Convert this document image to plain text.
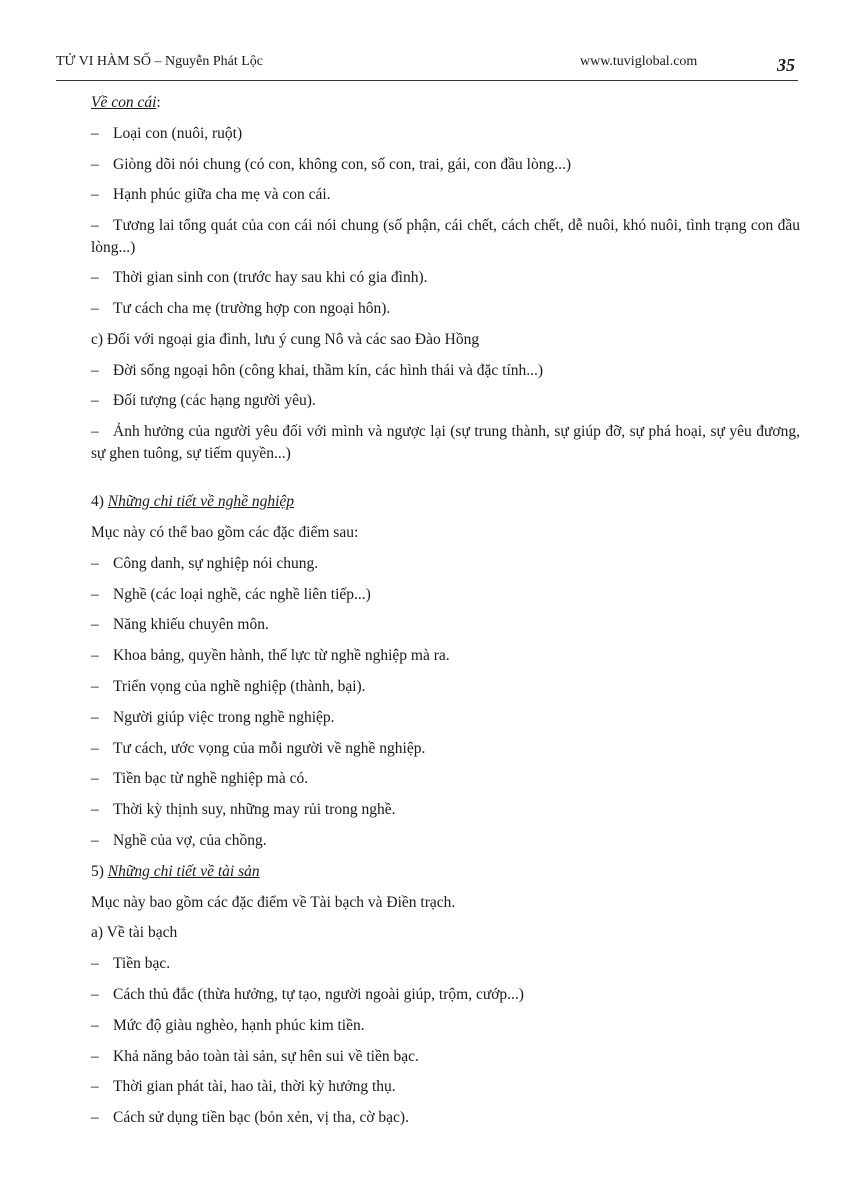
TỬ VI HÀM SỐ – Nguyễn Phát Lộc	www.tuviglobal.com	35
Về con cái:
– Loại con (nuôi, ruột)
– Giòng dõi nói chung (có con, không con, số con, trai, gái, con đầu lòng...)
– Hạnh phúc giữa cha mẹ và con cái.
– Tương lai tổng quát của con cái nói chung (số phận, cái chết, cách chết, dễ nuôi, khó nuôi, tình trạng con đầu lòng...)
– Thời gian sinh con (trước hay sau khi có gia đình).
– Tư cách cha mẹ (trường hợp con ngoại hôn).
c) Đối với ngoại gia đình, lưu ý cung Nô và các sao Đào Hồng
– Đời sống ngoại hôn (công khai, thầm kín, các hình thái và đặc tính...)
– Đối tượng (các hạng người yêu).
– Ảnh hưởng của người yêu đối với mình và ngược lại (sự trung thành, sự giúp đỡ, sự phá hoại, sự yêu đương, sự ghen tuông, sự tiếm quyền...)
4) Những chi tiết về nghề nghiệp
Mục này có thể bao gồm các đặc điểm sau:
– Công danh, sự nghiệp nói chung.
– Nghề (các loại nghề, các nghề liên tiếp...)
– Năng khiếu chuyên môn.
– Khoa bảng, quyền hành, thế lực từ nghề nghiệp mà ra.
– Triển vọng của nghề nghiệp (thành, bại).
– Người giúp việc trong nghề nghiệp.
– Tư cách, ước vọng của mỗi người về nghề nghiệp.
– Tiền bạc từ nghề nghiệp mà có.
– Thời kỳ thịnh suy, những may rủi trong nghề.
– Nghề của vợ, của chồng.
5) Những chi tiết về tài sản
Mục này bao gồm các đặc điểm về Tài bạch và Điền trạch.
a) Về tài bạch
– Tiền bạc.
– Cách thủ đắc (thừa hưởng, tự tạo, người ngoài giúp, trộm, cướp...)
– Mức độ giàu nghèo, hạnh phúc kim tiền.
– Khả năng bảo toàn tài sản, sự hên sui về tiền bạc.
– Thời gian phát tài, hao tài, thời kỳ hưởng thụ.
– Cách sử dụng tiền bạc (bỏn xẻn, vị tha, cờ bạc).
